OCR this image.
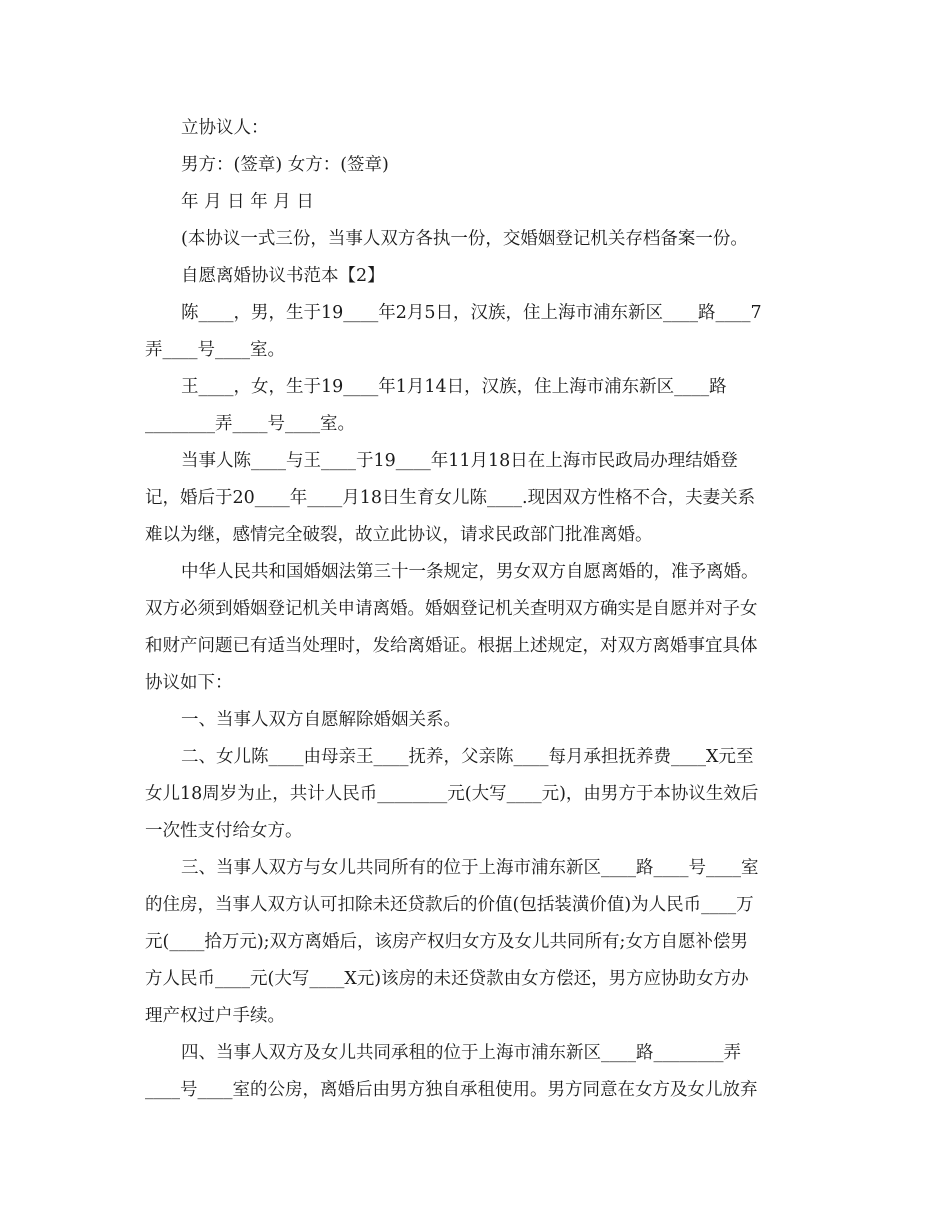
立协议人：
男方：(签章) 女方：(签章)
年 月 日 年 月 日
(本协议一式三份，当事人双方各执一份，交婚姻登记机关存档备案一份。
自愿离婚协议书范本【2】
陈____，男，生于19____年2月5日，汉族，住上海市浦东新区____路____7
弄____号____室。
王____，女，生于19____年1月14日，汉族，住上海市浦东新区____路
________弄____号____室。
当事人陈____与王____于19____年11月18日在上海市民政局办理结婚登
记，婚后于20____年____月18日生育女儿陈____.现因双方性格不合，夫妻关系
难以为继，感情完全破裂，故立此协议，请求民政部门批准离婚。
中华人民共和国婚姻法第三十一条规定，男女双方自愿离婚的，准予离婚。
双方必须到婚姻登记机关申请离婚。婚姻登记机关查明双方确实是自愿并对子女
和财产问题已有适当处理时，发给离婚证。根据上述规定，对双方离婚事宜具体
协议如下：
一、当事人双方自愿解除婚姻关系。
二、女儿陈____由母亲王____抚养，父亲陈____每月承担抚养费____X元至
女儿18周岁为止，共计人民币________元(大写____元)，由男方于本协议生效后
一次性支付给女方。
三、当事人双方与女儿共同所有的位于上海市浦东新区____路____号____室
的住房，当事人双方认可扣除未还贷款后的价值(包括装潢价值)为人民币____万
元(____拾万元);双方离婚后，该房产权归女方及女儿共同所有;女方自愿补偿男
方人民币____元(大写____X元)该房的未还贷款由女方偿还，男方应协助女方办
理产权过户手续。
四、当事人双方及女儿共同承租的位于上海市浦东新区____路________弄
____号____室的公房，离婚后由男方独自承租使用。男方同意在女方及女儿放弃
